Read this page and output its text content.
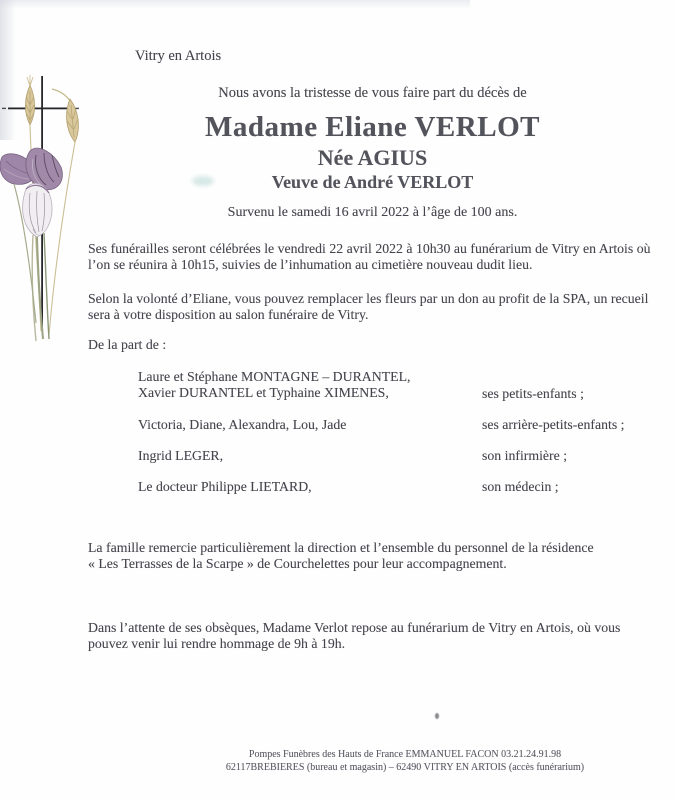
Vitry en Artois
Nous avons la tristesse de vous faire part du décès de
Madame Eliane VERLOT
Née AGIUS
Veuve de André VERLOT
Survenu le samedi 16 avril 2022 à l’âge de 100 ans.
Ses funérailles seront célébrées le vendredi 22 avril 2022 à 10h30 au funérarium de Vitry en Artois où
l’on se réunira à 10h15, suivies de l’inhumation au cimetière nouveau dudit lieu.
Selon la volonté d’Eliane, vous pouvez remplacer les fleurs par un don au profit de la SPA, un recueil
sera à votre disposition au salon funéraire de Vitry.
De la part de :
Laure et Stéphane MONTAGNE – DURANTEL,
Xavier DURANTEL et Typhaine XIMENES,	ses petits-enfants ;
Victoria, Diane, Alexandra, Lou, Jade	ses arrière-petits-enfants ;
Ingrid LEGER,	son infirmière ;
Le docteur Philippe LIETARD,	son médecin ;
La famille remercie particulièrement la direction et l’ensemble du personnel de la résidence
« Les Terrasses de la Scarpe » de Courchelettes pour leur accompagnement.
Dans l’attente de ses obsèques, Madame Verlot repose au funérarium de Vitry en Artois, où vous
pouvez venir lui rendre hommage de 9h à 19h.
Pompes Funèbres des Hauts de France EMMANUEL FACON 03.21.24.91.98
62117BREBIERES (bureau et magasin) – 62490 VITRY EN ARTOIS (accès funérarium)
